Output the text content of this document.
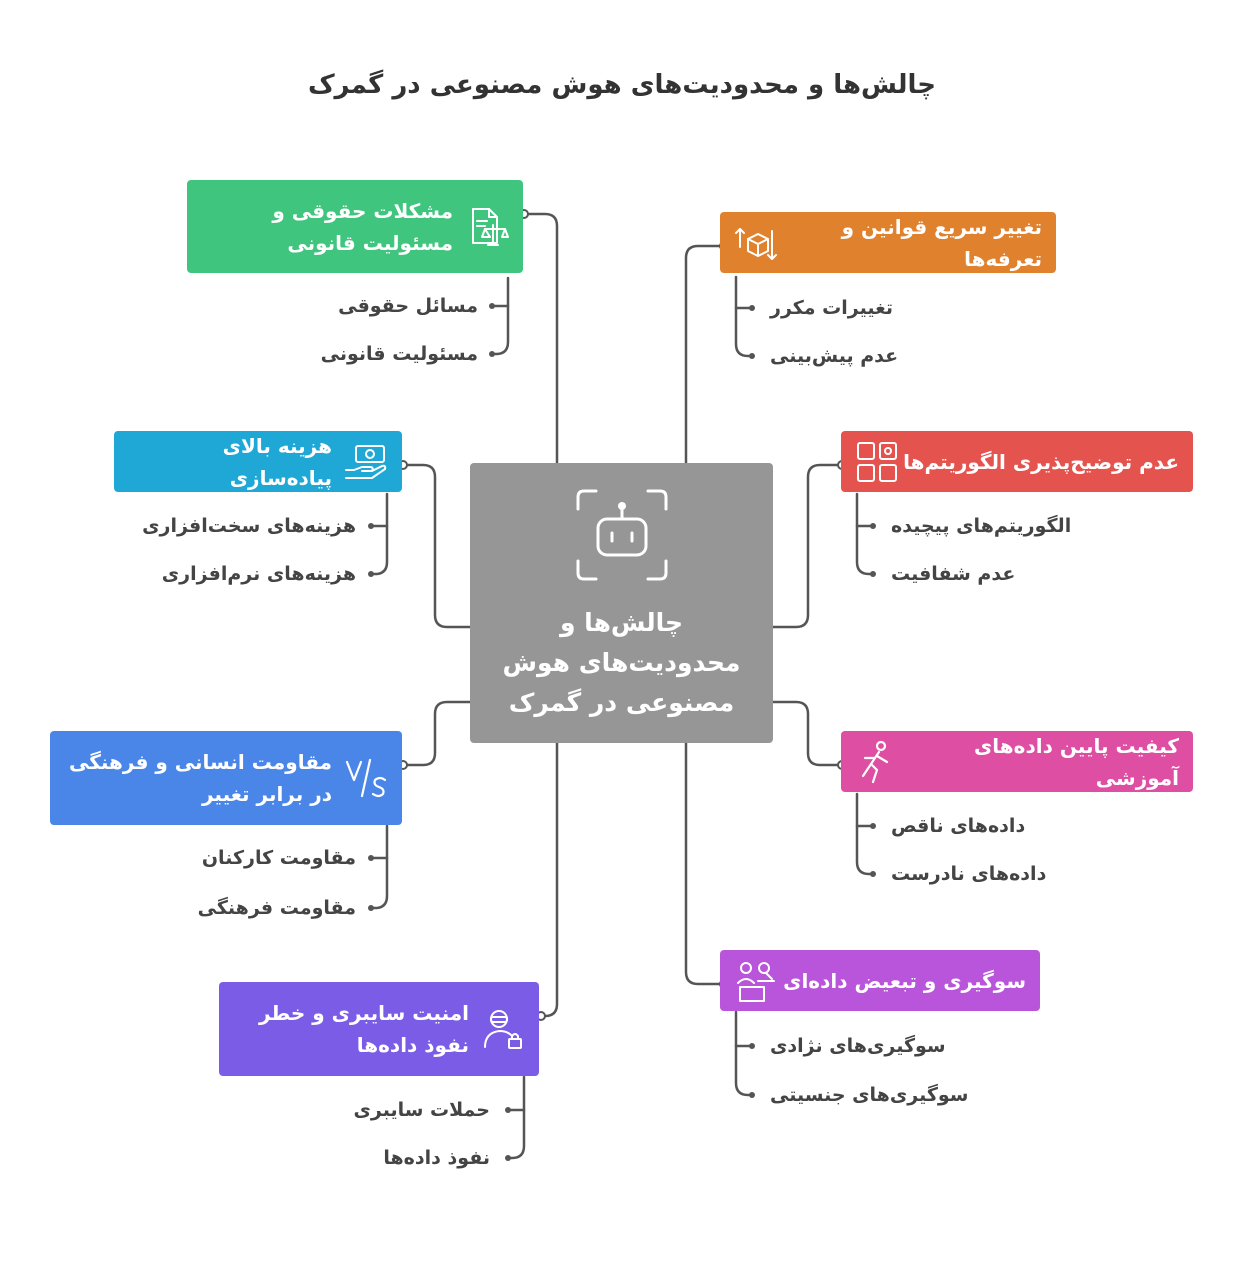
چالش‌ها و محدودیت‌های هوش مصنوعی در گمرک
چالش‌ها و محدودیت‌های هوش مصنوعی در گمرک
مشکلات حقوقی و مسئولیت قانونی
مسائل حقوقی
مسئولیت قانونی
تغییر سریع قوانین و تعرفه‌ها
تغییرات مکرر
عدم پیش‌بینی
هزینه بالای پیاده‌سازی
هزینه‌های سخت‌افزاری
هزینه‌های نرم‌افزاری
عدم توضیح‌پذیری الگوریتم‌ها
الگوریتم‌های پیچیده
عدم شفافیت
مقاومت انسانی و فرهنگی در برابر تغییر
مقاومت کارکنان
مقاومت فرهنگی
کیفیت پایین داده‌های آموزشی
داده‌های ناقص
داده‌های نادرست
سوگیری و تبعیض داده‌ای
سوگیری‌های نژادی
سوگیری‌های جنسیتی
امنیت سایبری و خطر نفوذ داده‌ها
حملات سایبری
نفوذ داده‌ها
